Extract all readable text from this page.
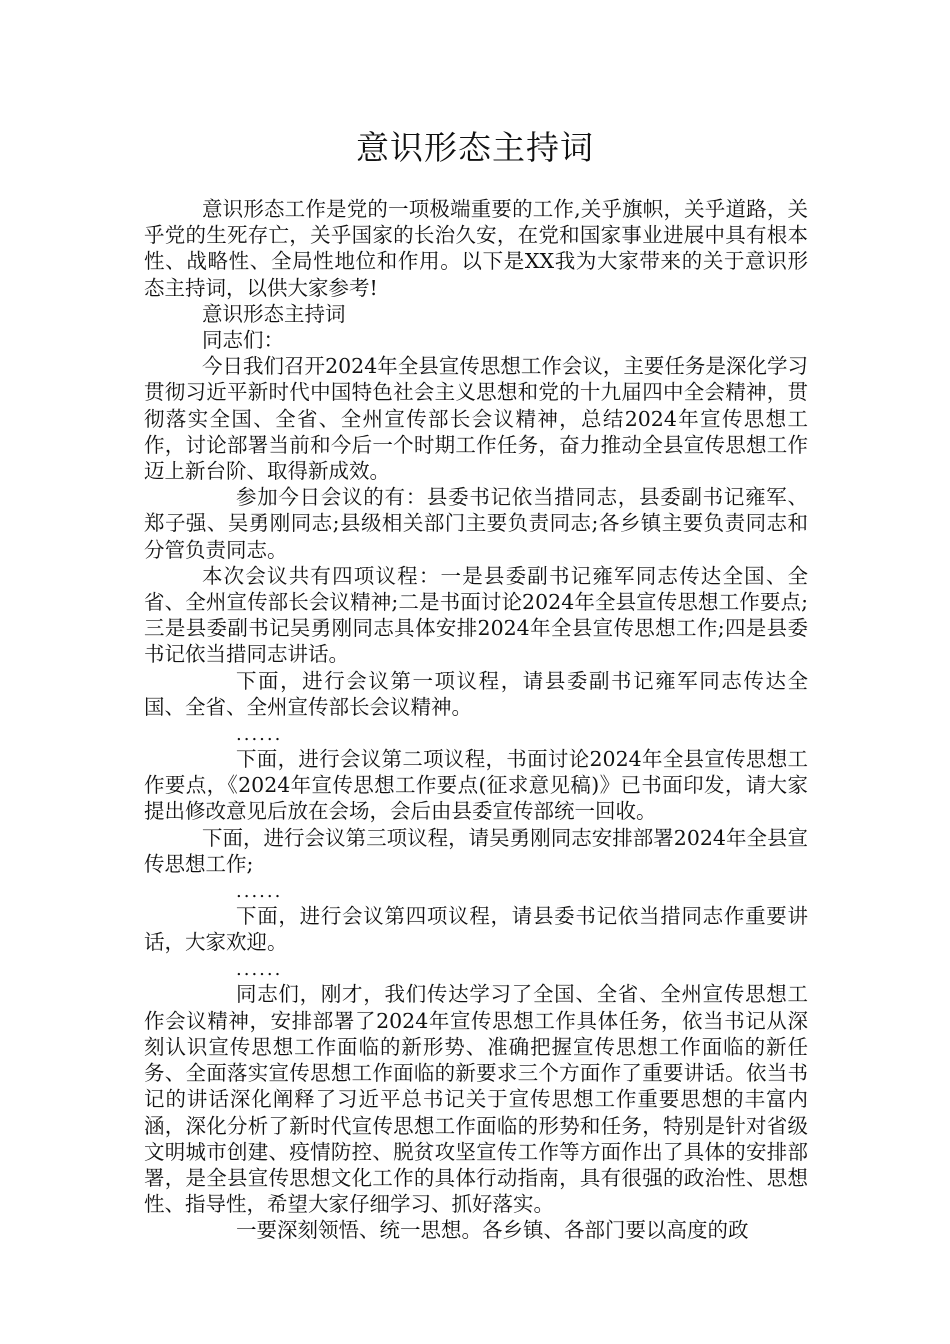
意识形态主持词

意识形态工作是党的一项极端重要的工作,关乎旗帜，关乎道路，关乎党的生死存亡，关乎国家的长治久安，在党和国家事业进展中具有根本性、战略性、全局性地位和作用。以下是XX我为大家带来的关于意识形态主持词，以供大家参考!

意识形态主持词

同志们：

今日我们召开2024年全县宣传思想工作会议，主要任务是深化学习贯彻习近平新时代中国特色社会主义思想和党的十九届四中全会精神，贯彻落实全国、全省、全州宣传部长会议精神，总结2024年宣传思想工作，讨论部署当前和今后一个时期工作任务，奋力推动全县宣传思想工作迈上新台阶、取得新成效。

参加今日会议的有：县委书记依当措同志，县委副书记雍军、郑子强、吴勇刚同志;县级相关部门主要负责同志;各乡镇主要负责同志和分管负责同志。

本次会议共有四项议程：一是县委副书记雍军同志传达全国、全省、全州宣传部长会议精神;二是书面讨论2024年全县宣传思想工作要点;三是县委副书记吴勇刚同志具体安排2024年全县宣传思想工作;四是县委书记依当措同志讲话。

下面，进行会议第一项议程，请县委副书记雍军同志传达全国、全省、全州宣传部长会议精神。

......

下面，进行会议第二项议程，书面讨论2024年全县宣传思想工作要点，《2024年宣传思想工作要点(征求意见稿)》已书面印发，请大家提出修改意见后放在会场，会后由县委宣传部统一回收。

下面，进行会议第三项议程，请吴勇刚同志安排部署2024年全县宣传思想工作;

......

下面，进行会议第四项议程，请县委书记依当措同志作重要讲话，大家欢迎。

......

同志们，刚才，我们传达学习了全国、全省、全州宣传思想工作会议精神，安排部署了2024年宣传思想工作具体任务，依当书记从深刻认识宣传思想工作面临的新形势、准确把握宣传思想工作面临的新任务、全面落实宣传思想工作面临的新要求三个方面作了重要讲话。依当书记的讲话深化阐释了习近平总书记关于宣传思想工作重要思想的丰富内涵，深化分析了新时代宣传思想工作面临的形势和任务，特别是针对省级文明城市创建、疫情防控、脱贫攻坚宣传工作等方面作出了具体的安排部署，是全县宣传思想文化工作的具体行动指南，具有很强的政治性、思想性、指导性，希望大家仔细学习、抓好落实。

一要深刻领悟、统一思想。各乡镇、各部门要以高度的政
